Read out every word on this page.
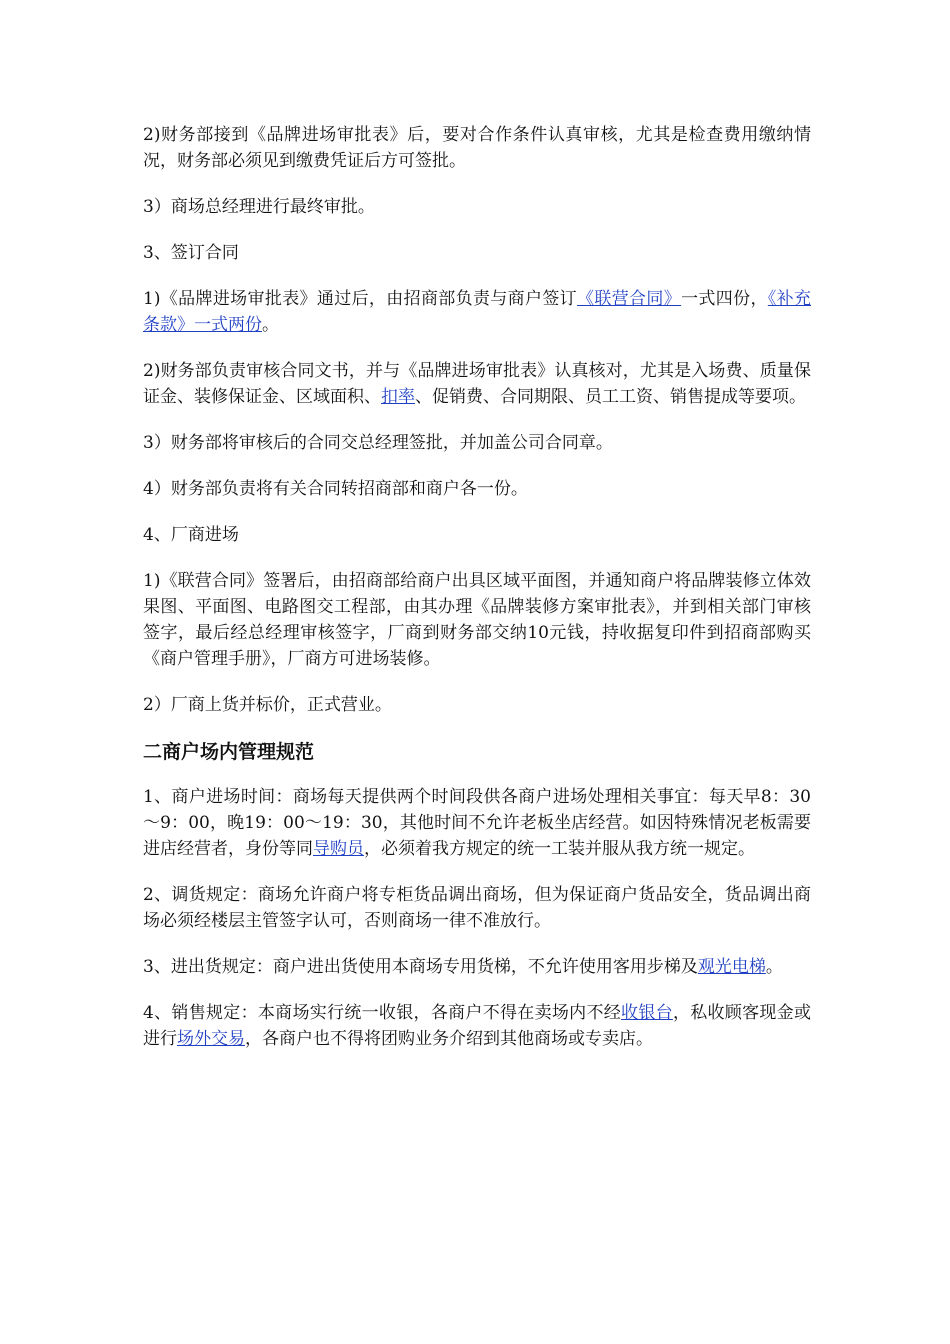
2)财务部接到《品牌进场审批表》后，要对合作条件认真审核，尤其是检查费用缴纳情况，财务部必须见到缴费凭证后方可签批。

3）商场总经理进行最终审批。

3、签订合同

1)《品牌进场审批表》通过后，由招商部负责与商户签订《联营合同》一式四份，《补充条款》一式两份。

2)财务部负责审核合同文书，并与《品牌进场审批表》认真核对，尤其是入场费、质量保证金、装修保证金、区域面积、扣率、促销费、合同期限、员工工资、销售提成等要项。

3）财务部将审核后的合同交总经理签批，并加盖公司合同章。

4）财务部负责将有关合同转招商部和商户各一份。

4、厂商进场

1)《联营合同》签署后，由招商部给商户出具区域平面图，并通知商户将品牌装修立体效果图、平面图、电路图交工程部，由其办理《品牌装修方案审批表》，并到相关部门审核签字，最后经总经理审核签字，厂商到财务部交纳10元钱，持收据复印件到招商部购买《商户管理手册》，厂商方可进场装修。

2）厂商上货并标价，正式营业。

二商户场内管理规范

1、商户进场时间：商场每天提供两个时间段供各商户进场处理相关事宜：每天早8：30～9：00，晚19：00～19：30，其他时间不允许老板坐店经营。如因特殊情况老板需要进店经营者，身份等同导购员，必须着我方规定的统一工装并服从我方统一规定。

2、调货规定：商场允许商户将专柜货品调出商场，但为保证商户货品安全，货品调出商场必须经楼层主管签字认可，否则商场一律不准放行。

3、进出货规定：商户进出货使用本商场专用货梯，不允许使用客用步梯及观光电梯。

4、销售规定：本商场实行统一收银，各商户不得在卖场内不经收银台，私收顾客现金或进行场外交易，各商户也不得将团购业务介绍到其他商场或专卖店。
